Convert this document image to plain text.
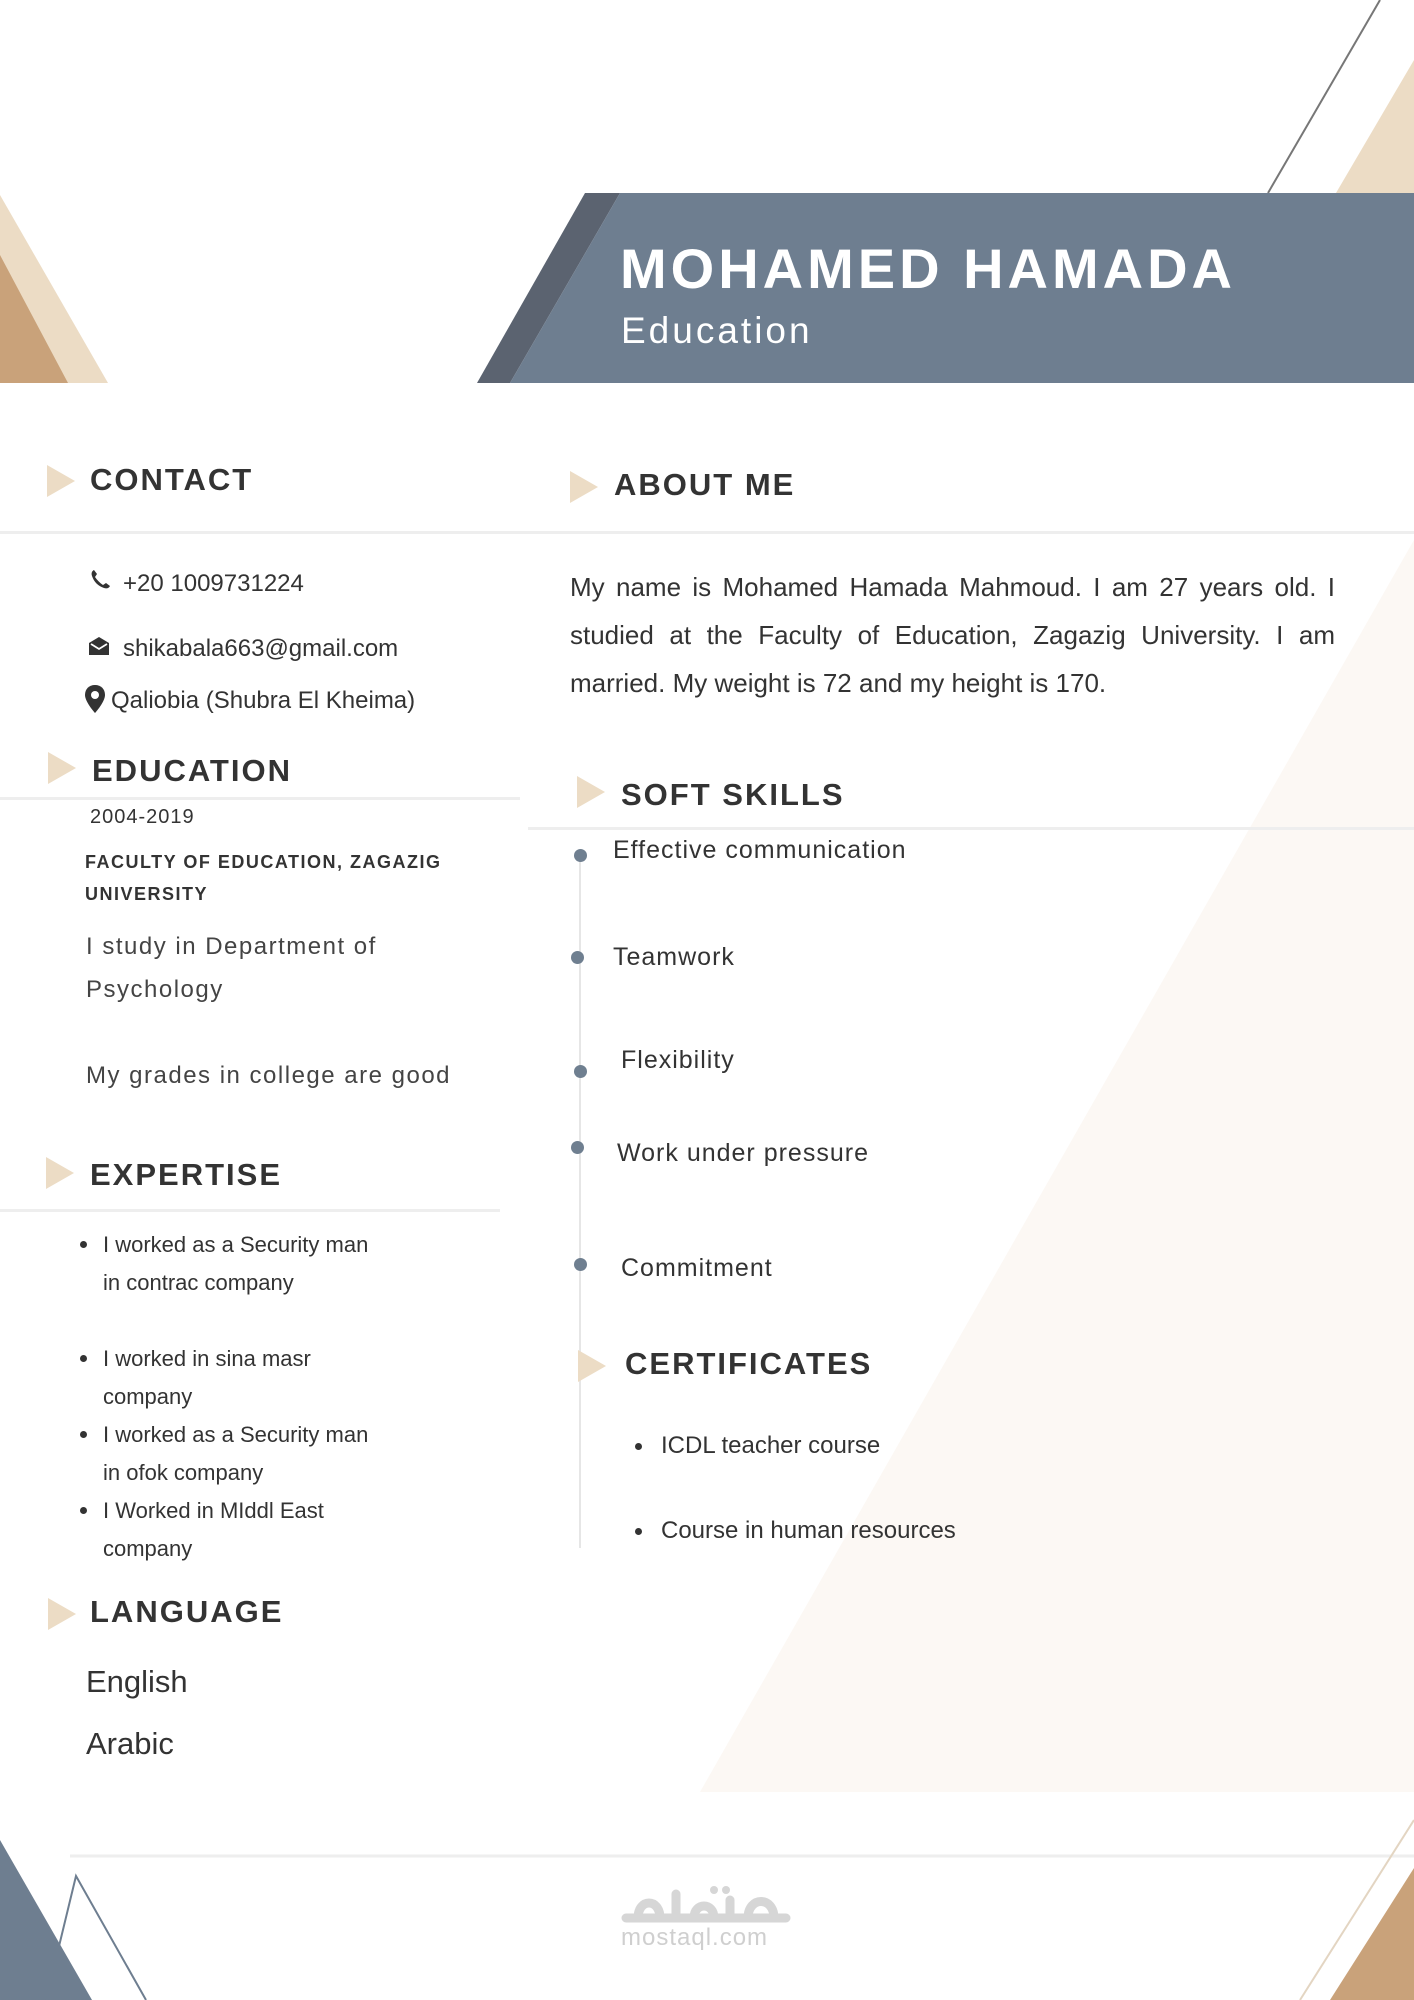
MOHAMED HAMADA
Education
CONTACT
+20 1009731224
shikabala663@gmail.com
Qaliobia (Shubra El Kheima)
EDUCATION
2004-2019
FACULTY OF EDUCATION, ZAGAZIG
UNIVERSITY
I study in Department of Psychology
My grades in college are good
EXPERTISE
I worked as a Security man in contrac company
I worked in sina masr company
I worked as a Security man in ofok company
I Worked in MIddl East company
LANGUAGE
English
Arabic
ABOUT ME
My name is Mohamed Hamada Mahmoud. I am 27 years old. I studied at the Faculty of Education, Zagazig University. I am married. My weight is 72 and my height is 170.
SOFT SKILLS
Effective communication
Teamwork
Flexibility
Work under pressure
Commitment
CERTIFICATES
ICDL teacher course
Course in human resources
mostaql.com
